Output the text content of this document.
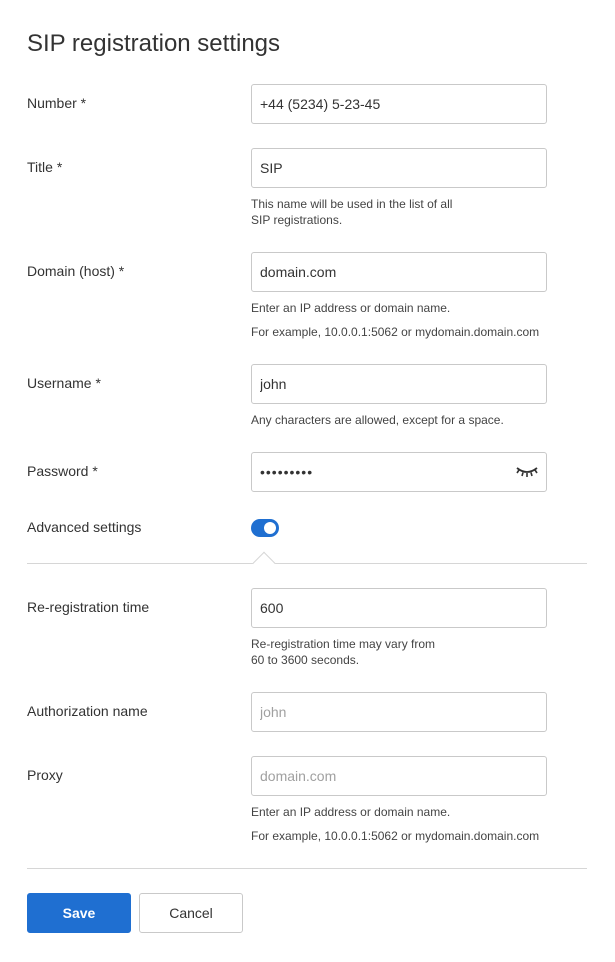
SIP registration settings
Number *
+44 (5234) 5-23-45
Title *
SIP
This name will be used in the list of all
SIP registrations.
Domain (host) *
domain.com
Enter an IP address or domain name.
For example, 10.0.0.1:5062 or mydomain.domain.com
Username *
john
Any characters are allowed, except for a space.
Password *
•••••••••
Advanced settings
Re-registration time
600
Re-registration time may vary from
60 to 3600 seconds.
Authorization name
john
Proxy
domain.com
Enter an IP address or domain name.
For example, 10.0.0.1:5062 or mydomain.domain.com
Save	Cancel
